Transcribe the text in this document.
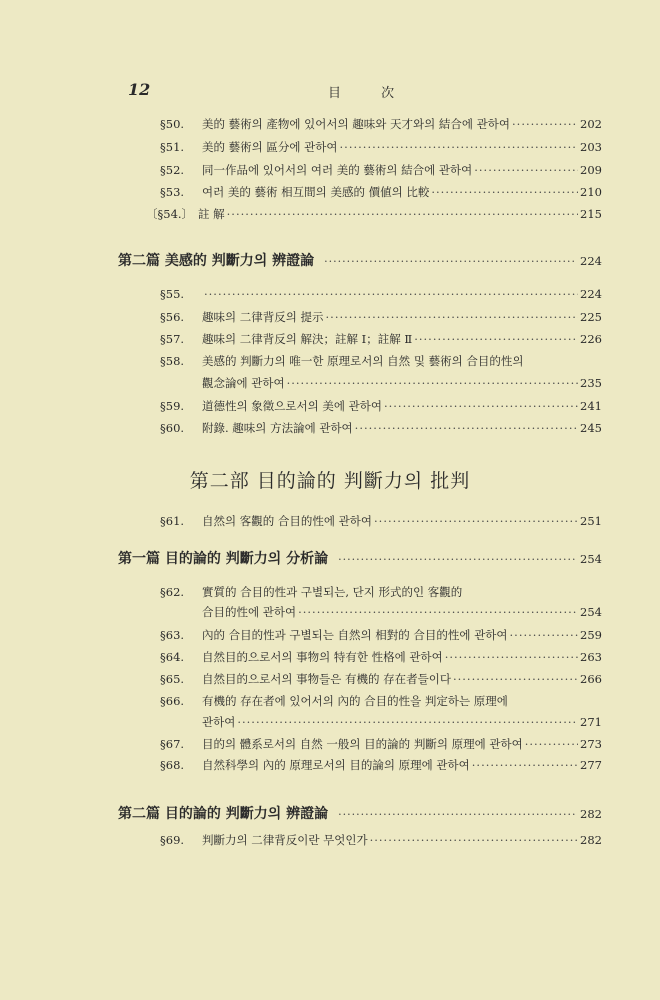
12	目 次
§50.	美的 藝術의 產物에 있어서의 趣味와 天才와의 結合에 관하여 ·····	202
§51.	美的 藝術의 區分에 관하여 ·····	203
§52.	同一作品에 있어서의 여러 美的 藝術의 結合에 관하여 ·····	209
§53.	여러 美的 藝術 相互間의 美感的 價値의 比較 ·····	210
〔§54.〕 註 解 ·····	215
第二篇 美感的 判斷力의 辨證論 ·····	224
§55. ·····	224
§56.	趣味의 二律背反의 提示 ·····	225
§57.	趣味의 二律背反의 解決；註解 Ⅰ；註解 Ⅱ ·····	226
§58. 美感的 判斷力의 唯一한 原理로서의 自然 및 藝術의 合目的性의
觀念論에 관하여 ·····	235
§59.	道德性의 象徵으로서의 美에 관하여 ·····	241
§60.	附錄. 趣味의 方法論에 관하여 ·····	245
第二部 目的論的 判斷力의 批判
§61.	自然의 客觀的 合目的性에 관하여 ·····	251
第一篇 目的論的 判斷力의 分析論 ·····	254
§62. 實質的 合目的性과 구별되는, 단지 形式的인 客觀的
合目的性에 관하여 ·····	254
§63.	內的 合目的性과 구별되는 自然의 相對的 合目的性에 관하여 ·····	259
§64.	自然目的으로서의 事物의 特有한 性格에 관하여 ·····	263
§65.	自然目的으로서의 事物들은 有機的 存在者들이다 ·····	266
§66. 有機的 存在者에 있어서의 內的 合目的性을 判定하는 原理에
관하여 ·····	271
§67.	目的의 體系로서의 自然 一般의 目的論的 判斷의 原理에 관하여 ·····	273
§68.	自然科學의 內的 原理로서의 目的論의 原理에 관하여 ·····	277
第二篇 目的論的 判斷力의 辨證論 ·····	282
§69.	判斷力의 二律背反이란 무엇인가 ·····	282
